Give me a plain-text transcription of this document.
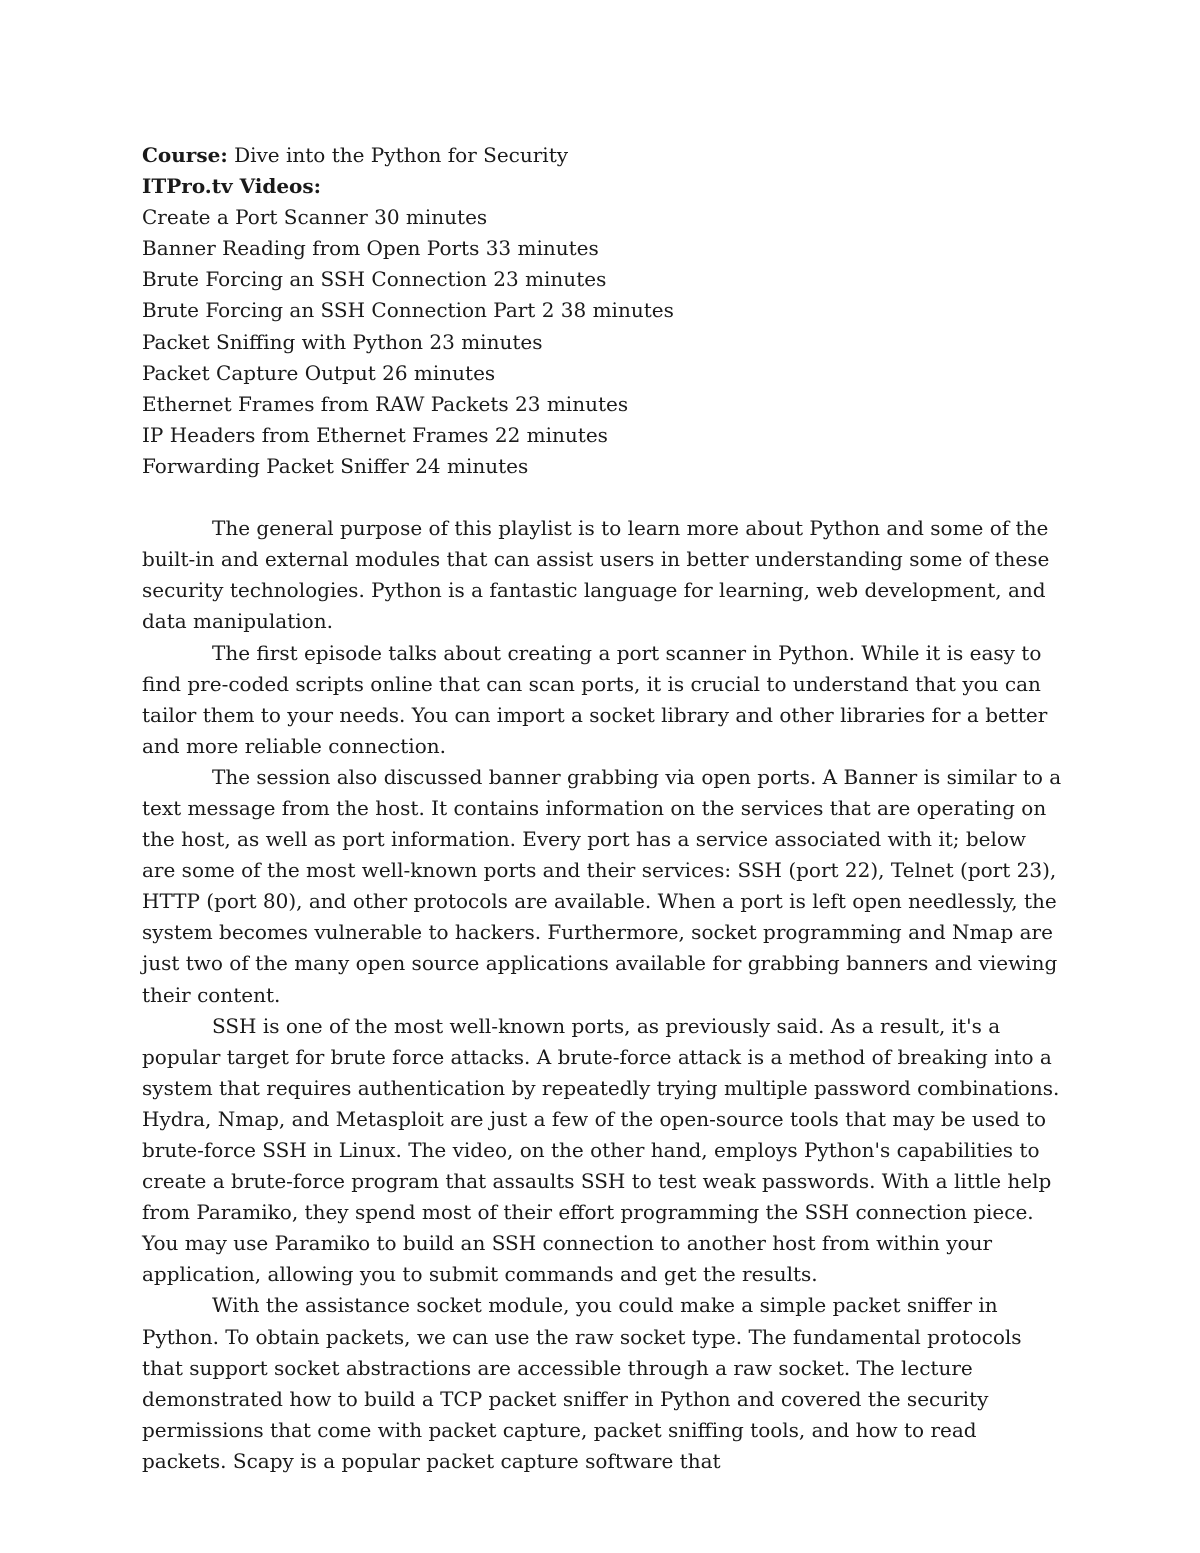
Course: Dive into the Python for Security

ITPro.tv Videos:

Create a Port Scanner 30 minutes

Banner Reading from Open Ports 33 minutes

Brute Forcing an SSH Connection 23 minutes

Brute Forcing an SSH Connection Part 2 38 minutes

Packet Sniffing with Python 23 minutes

Packet Capture Output 26 minutes

Ethernet Frames from RAW Packets 23 minutes

IP Headers from Ethernet Frames 22 minutes

Forwarding Packet Sniffer 24 minutes

The general purpose of this playlist is to learn more about Python and some of the built-in and external modules that can assist users in better understanding some of these security technologies. Python is a fantastic language for learning, web development, and data manipulation.

The first episode talks about creating a port scanner in Python. While it is easy to find pre-coded scripts online that can scan ports, it is crucial to understand that you can tailor them to your needs. You can import a socket library and other libraries for a better and more reliable connection.

The session also discussed banner grabbing via open ports. A Banner is similar to a text message from the host. It contains information on the services that are operating on the host, as well as port information. Every port has a service associated with it; below are some of the most well-known ports and their services: SSH (port 22), Telnet (port 23), HTTP (port 80), and other protocols are available. When a port is left open needlessly, the system becomes vulnerable to hackers. Furthermore, socket programming and Nmap are just two of the many open source applications available for grabbing banners and viewing their content.

SSH is one of the most well-known ports, as previously said. As a result, it's a popular target for brute force attacks. A brute-force attack is a method of breaking into a system that requires authentication by repeatedly trying multiple password combinations. Hydra, Nmap, and Metasploit are just a few of the open-source tools that may be used to brute-force SSH in Linux. The video, on the other hand, employs Python's capabilities to create a brute-force program that assaults SSH to test weak passwords. With a little help from Paramiko, they spend most of their effort programming the SSH connection piece. You may use Paramiko to build an SSH connection to another host from within your application, allowing you to submit commands and get the results.

With the assistance socket module, you could make a simple packet sniffer in Python. To obtain packets, we can use the raw socket type. The fundamental protocols that support socket abstractions are accessible through a raw socket. The lecture demonstrated how to build a TCP packet sniffer in Python and covered the security permissions that come with packet capture, packet sniffing tools, and how to read packets. Scapy is a popular packet capture software that
